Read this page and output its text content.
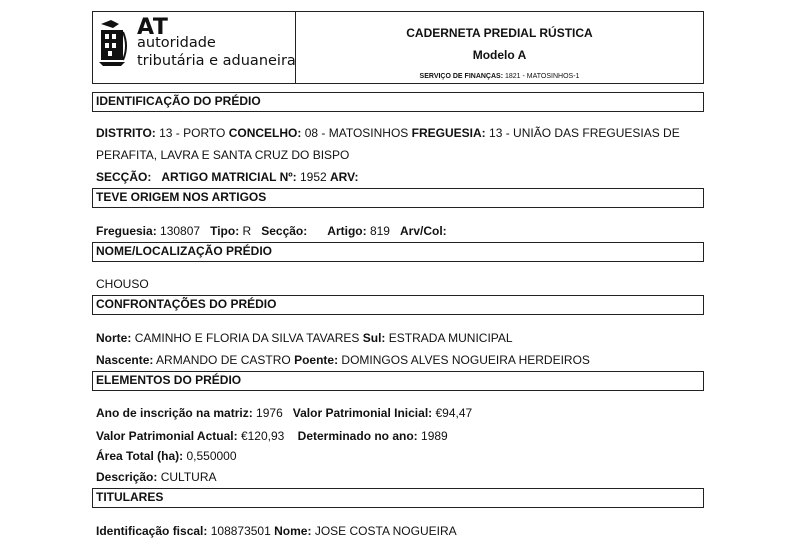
AT
autoridade
tributária e aduaneira
CADERNETA PREDIAL RÚSTICA
Modelo A
SERVIÇO DE FINANÇAS: 1821 - MATOSINHOS-1
IDENTIFICAÇÃO DO PRÉDIO
DISTRITO: 13 - PORTO CONCELHO: 08 - MATOSINHOS FREGUESIA: 13 - UNIÃO DAS FREGUESIAS DE
PERAFITA, LAVRA E SANTA CRUZ DO BISPO
SECÇÃO: ARTIGO MATRICIAL Nº: 1952 ARV:
TEVE ORIGEM NOS ARTIGOS
Freguesia: 130807 Tipo: R Secção: Artigo: 819 Arv/Col:
NOME/LOCALIZAÇÃO PRÉDIO
CHOUSO
CONFRONTAÇÕES DO PRÉDIO
Norte: CAMINHO E FLORIA DA SILVA TAVARES Sul: ESTRADA MUNICIPAL
Nascente: ARMANDO DE CASTRO Poente: DOMINGOS ALVES NOGUEIRA HERDEIROS
ELEMENTOS DO PRÉDIO
Ano de inscrição na matriz: 1976 Valor Patrimonial Inicial: €94,47
Valor Patrimonial Actual: €120,93 Determinado no ano: 1989
Área Total (ha): 0,550000
Descrição: CULTURA
TITULARES
Identificação fiscal: 108873501 Nome: JOSE COSTA NOGUEIRA
